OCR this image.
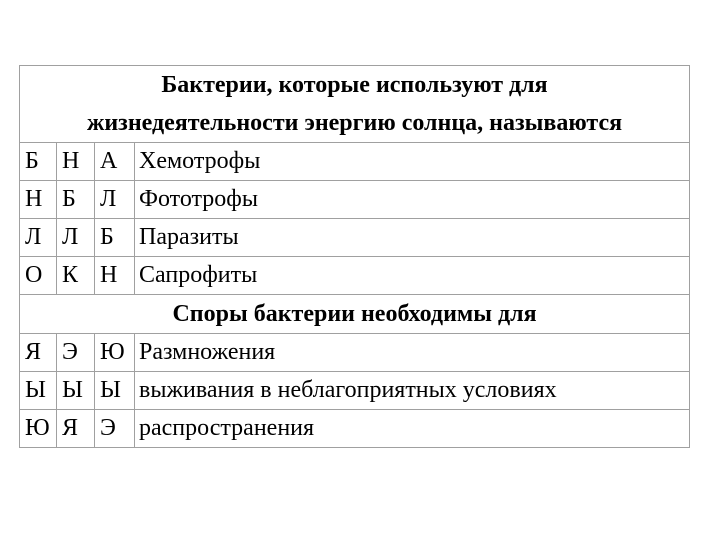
Бактерии, которые используют для
жизнедеятельности энергию солнца, называются			

Б	Н	А	Хемотрофы
Н	Б	Л	Фототрофы
Л	Л	Б	Паразиты
О	К	Н	Сапрофиты

Споры бактерии необходимы для			

Я	Э	Ю	Размножения
Ы	Ы	Ы	выживания в неблагоприятных условиях
Ю	Я	Э	распространения
